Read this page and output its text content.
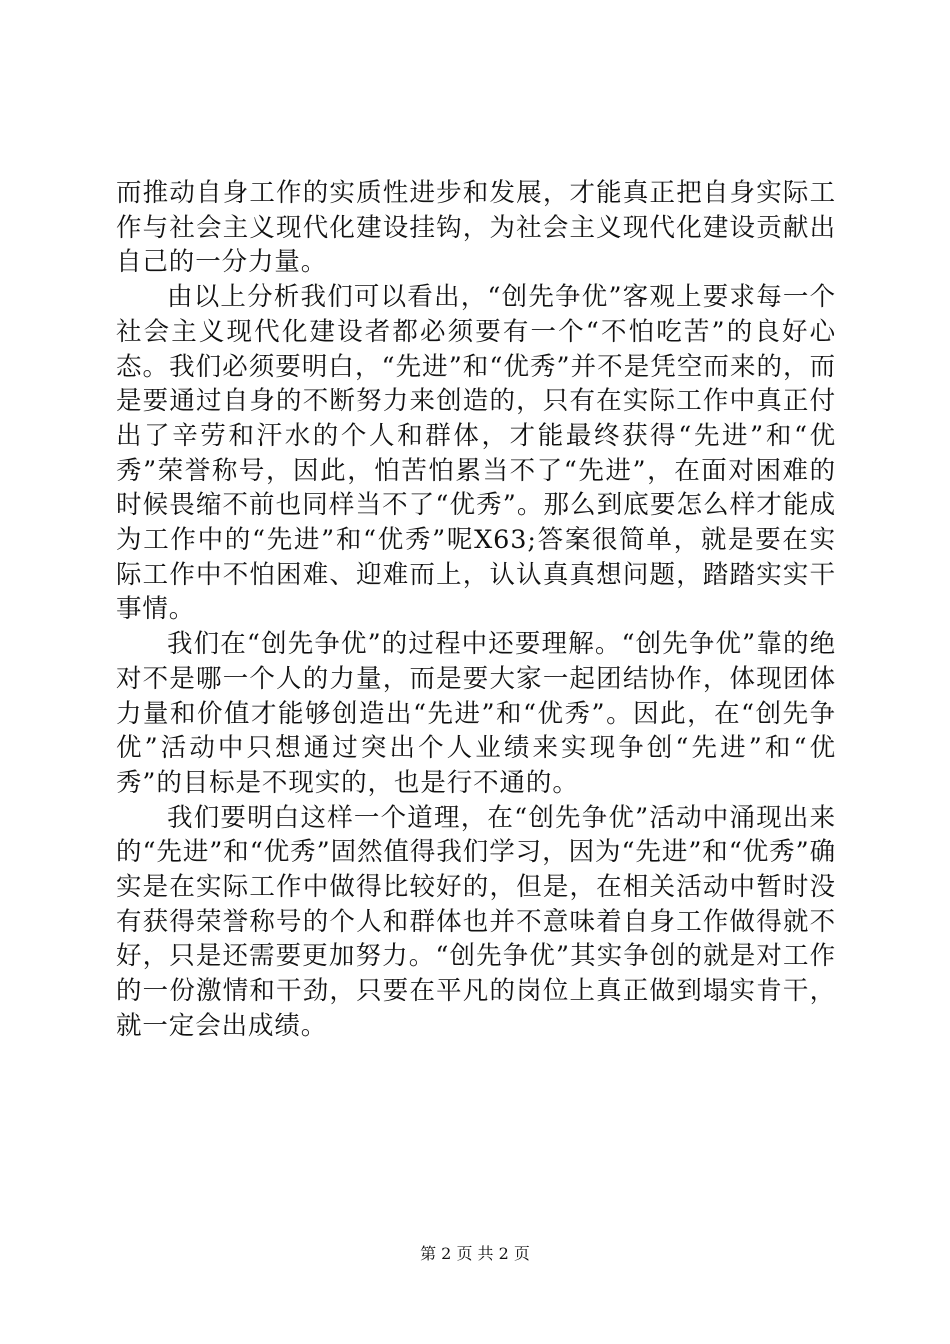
而推动自身工作的实质性进步和发展，才能真正把自身实际工作与社会主义现代化建设挂钩，为社会主义现代化建设贡献出自己的一分力量。

由以上分析我们可以看出，“创先争优”客观上要求每一个社会主义现代化建设者都必须要有一个“不怕吃苦”的良好心态。我们必须要明白，“先进”和“优秀”并不是凭空而来的，而是要通过自身的不断努力来创造的，只有在实际工作中真正付出了辛劳和汗水的个人和群体，才能最终获得“先进”和“优秀”荣誉称号，因此，怕苦怕累当不了“先进”，在面对困难的时候畏缩不前也同样当不了“优秀”。那么到底要怎么样才能成为工作中的“先进”和“优秀”呢X63;答案很简单，就是要在实际工作中不怕困难、迎难而上，认认真真想问题，踏踏实实干事情。

我们在“创先争优”的过程中还要理解。“创先争优”靠的绝对不是哪一个人的力量，而是要大家一起团结协作，体现团体力量和价值才能够创造出“先进”和“优秀”。因此，在“创先争优”活动中只想通过突出个人业绩来实现争创“先进”和“优秀”的目标是不现实的，也是行不通的。

我们要明白这样一个道理，在“创先争优”活动中涌现出来的“先进”和“优秀”固然值得我们学习，因为“先进”和“优秀”确实是在实际工作中做得比较好的，但是，在相关活动中暂时没有获得荣誉称号的个人和群体也并不意味着自身工作做得就不好，只是还需要更加努力。“创先争优”其实争创的就是对工作的一份激情和干劲，只要在平凡的岗位上真正做到塌实肯干，就一定会出成绩。

第 2 页 共 2 页
